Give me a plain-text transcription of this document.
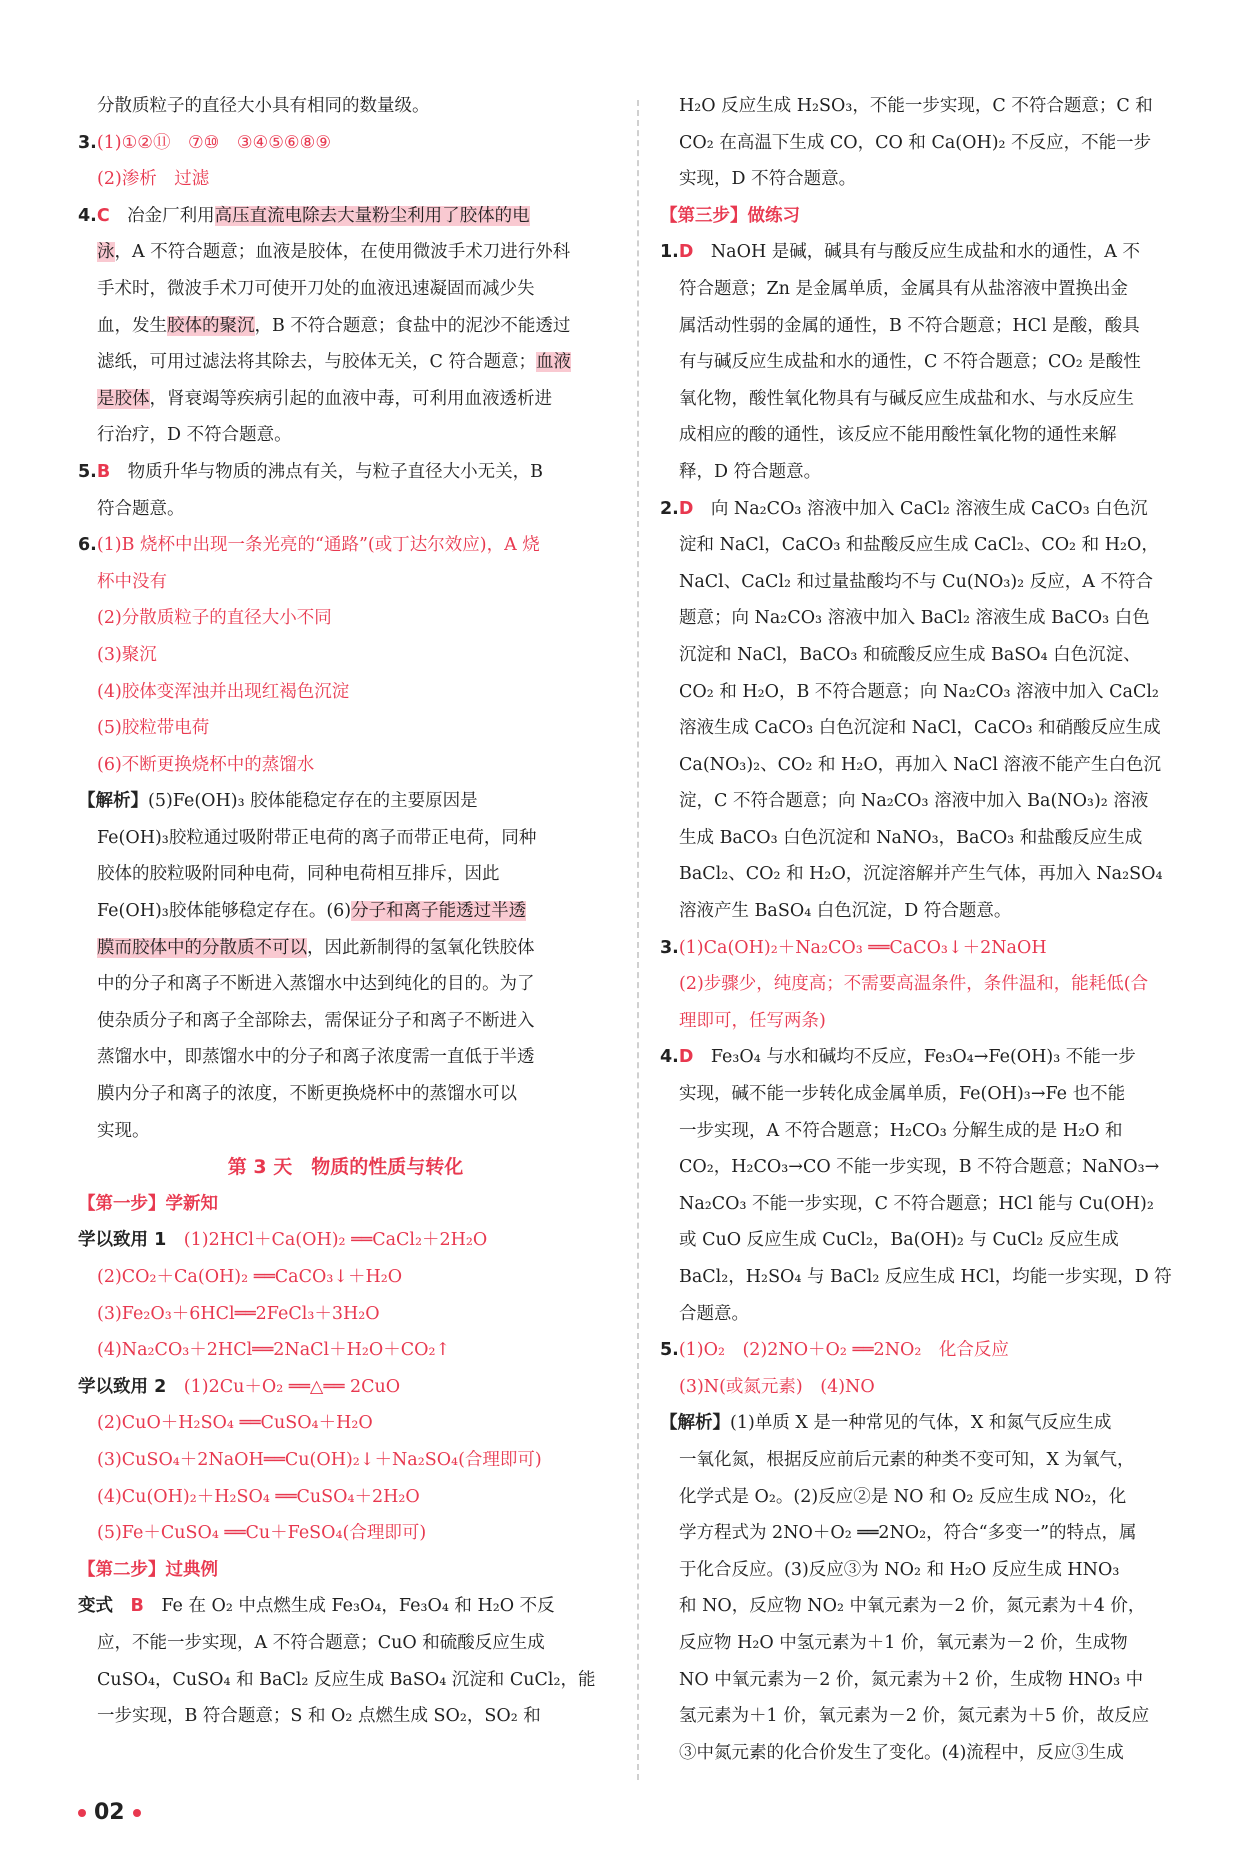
分散质粒子的直径大小具有相同的数量级。
3.(1)①②⑪　⑦⑩　③④⑤⑥⑧⑨
(2)渗析　过滤
4.C　冶金厂利用高压直流电除去大量粉尘利用了胶体的电
泳，A 不符合题意；血液是胶体，在使用微波手术刀进行外科
手术时，微波手术刀可使开刀处的血液迅速凝固而减少失
血，发生胶体的聚沉，B 不符合题意；食盐中的泥沙不能透过
滤纸，可用过滤法将其除去，与胶体无关，C 符合题意；血液
是胶体，肾衰竭等疾病引起的血液中毒，可利用血液透析进
行治疗，D 不符合题意。
5.B　物质升华与物质的沸点有关，与粒子直径大小无关，B
符合题意。
6.(1)B 烧杯中出现一条光亮的“通路”(或丁达尔效应)，A 烧
杯中没有
(2)分散质粒子的直径大小不同
(3)聚沉
(4)胶体变浑浊并出现红褐色沉淀
(5)胶粒带电荷
(6)不断更换烧杯中的蒸馏水
【解析】(5)Fe(OH)₃ 胶体能稳定存在的主要原因是
Fe(OH)₃胶粒通过吸附带正电荷的离子而带正电荷，同种
胶体的胶粒吸附同种电荷，同种电荷相互排斥，因此
Fe(OH)₃胶体能够稳定存在。(6)分子和离子能透过半透
膜而胶体中的分散质不可以，因此新制得的氢氧化铁胶体
中的分子和离子不断进入蒸馏水中达到纯化的目的。为了
使杂质分子和离子全部除去，需保证分子和离子不断进入
蒸馏水中，即蒸馏水中的分子和离子浓度需一直低于半透
膜内分子和离子的浓度，不断更换烧杯中的蒸馏水可以
实现。
第 3 天　物质的性质与转化
【第一步】学新知
学以致用 1　(1)2HCl＋Ca(OH)₂ ══CaCl₂＋2H₂O
(2)CO₂＋Ca(OH)₂ ══CaCO₃↓＋H₂O
(3)Fe₂O₃＋6HCl══2FeCl₃＋3H₂O
(4)Na₂CO₃＋2HCl══2NaCl＋H₂O＋CO₂↑
学以致用 2　(1)2Cu＋O₂ ══△══ 2CuO
(2)CuO＋H₂SO₄ ══CuSO₄＋H₂O
(3)CuSO₄＋2NaOH══Cu(OH)₂↓＋Na₂SO₄(合理即可)
(4)Cu(OH)₂＋H₂SO₄ ══CuSO₄＋2H₂O
(5)Fe＋CuSO₄ ══Cu＋FeSO₄(合理即可)
【第二步】过典例
变式　B　Fe 在 O₂ 中点燃生成 Fe₃O₄，Fe₃O₄ 和 H₂O 不反
应，不能一步实现，A 不符合题意；CuO 和硫酸反应生成
CuSO₄，CuSO₄ 和 BaCl₂ 反应生成 BaSO₄ 沉淀和 CuCl₂，能
一步实现，B 符合题意；S 和 O₂ 点燃生成 SO₂，SO₂ 和
H₂O 反应生成 H₂SO₃，不能一步实现，C 不符合题意；C 和
CO₂ 在高温下生成 CO，CO 和 Ca(OH)₂ 不反应，不能一步
实现，D 不符合题意。
【第三步】做练习
1.D　NaOH 是碱，碱具有与酸反应生成盐和水的通性，A 不
符合题意；Zn 是金属单质，金属具有从盐溶液中置换出金
属活动性弱的金属的通性，B 不符合题意；HCl 是酸，酸具
有与碱反应生成盐和水的通性，C 不符合题意；CO₂ 是酸性
氧化物，酸性氧化物具有与碱反应生成盐和水、与水反应生
成相应的酸的通性，该反应不能用酸性氧化物的通性来解
释，D 符合题意。
2.D　向 Na₂CO₃ 溶液中加入 CaCl₂ 溶液生成 CaCO₃ 白色沉
淀和 NaCl，CaCO₃ 和盐酸反应生成 CaCl₂、CO₂ 和 H₂O，
NaCl、CaCl₂ 和过量盐酸均不与 Cu(NO₃)₂ 反应，A 不符合
题意；向 Na₂CO₃ 溶液中加入 BaCl₂ 溶液生成 BaCO₃ 白色
沉淀和 NaCl，BaCO₃ 和硫酸反应生成 BaSO₄ 白色沉淀、
CO₂ 和 H₂O，B 不符合题意；向 Na₂CO₃ 溶液中加入 CaCl₂
溶液生成 CaCO₃ 白色沉淀和 NaCl，CaCO₃ 和硝酸反应生成
Ca(NO₃)₂、CO₂ 和 H₂O，再加入 NaCl 溶液不能产生白色沉
淀，C 不符合题意；向 Na₂CO₃ 溶液中加入 Ba(NO₃)₂ 溶液
生成 BaCO₃ 白色沉淀和 NaNO₃，BaCO₃ 和盐酸反应生成
BaCl₂、CO₂ 和 H₂O，沉淀溶解并产生气体，再加入 Na₂SO₄
溶液产生 BaSO₄ 白色沉淀，D 符合题意。
3.(1)Ca(OH)₂＋Na₂CO₃ ══CaCO₃↓＋2NaOH
(2)步骤少，纯度高；不需要高温条件，条件温和，能耗低(合
理即可，任写两条)
4.D　Fe₃O₄ 与水和碱均不反应，Fe₃O₄→Fe(OH)₃ 不能一步
实现，碱不能一步转化成金属单质，Fe(OH)₃→Fe 也不能
一步实现，A 不符合题意；H₂CO₃ 分解生成的是 H₂O 和
CO₂，H₂CO₃→CO 不能一步实现，B 不符合题意；NaNO₃→
Na₂CO₃ 不能一步实现，C 不符合题意；HCl 能与 Cu(OH)₂
或 CuO 反应生成 CuCl₂，Ba(OH)₂ 与 CuCl₂ 反应生成
BaCl₂，H₂SO₄ 与 BaCl₂ 反应生成 HCl，均能一步实现，D 符
合题意。
5.(1)O₂　(2)2NO＋O₂ ══2NO₂　化合反应
(3)N(或氮元素)　(4)NO
【解析】(1)单质 X 是一种常见的气体，X 和氮气反应生成
一氧化氮，根据反应前后元素的种类不变可知，X 为氧气，
化学式是 O₂。(2)反应②是 NO 和 O₂ 反应生成 NO₂，化
学方程式为 2NO＋O₂ ══2NO₂，符合“多变一”的特点，属
于化合反应。(3)反应③为 NO₂ 和 H₂O 反应生成 HNO₃
和 NO，反应物 NO₂ 中氧元素为－2 价，氮元素为＋4 价，
反应物 H₂O 中氢元素为＋1 价，氧元素为－2 价，生成物
NO 中氧元素为－2 价，氮元素为＋2 价，生成物 HNO₃ 中
氢元素为＋1 价，氧元素为－2 价，氮元素为＋5 价，故反应
③中氮元素的化合价发生了变化。(4)流程中，反应③生成
02
